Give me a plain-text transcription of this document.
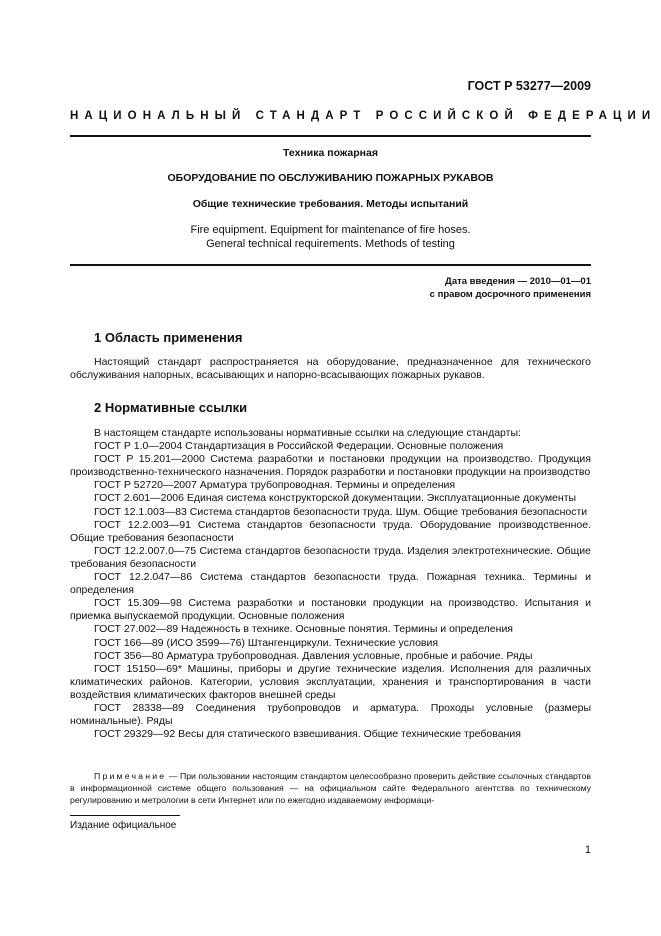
ГОСТ Р 53277—2009
НАЦИОНАЛЬНЫЙ СТАНДАРТ РОССИЙСКОЙ ФЕДЕРАЦИИ
Техника пожарная
ОБОРУДОВАНИЕ ПО ОБСЛУЖИВАНИЮ ПОЖАРНЫХ РУКАВОВ
Общие технические требования. Методы испытаний
Fire equipment. Equipment for maintenance of fire hoses.
General technical requirements. Methods of testing
Дата введения — 2010—01—01
с правом досрочного применения
1 Область применения

Настоящий стандарт распространяется на оборудование, предназначенное для технического обслуживания напорных, всасывающих и напорно-всасывающих пожарных рукавов.

2 Нормативные ссылки

В настоящем стандарте использованы нормативные ссылки на следующие стандарты:

ГОСТ Р 1.0—2004 Стандартизация в Российской Федерации. Основные положения

ГОСТ Р 15.201—2000 Система разработки и постановки продукции на производство. Продукция производственно-технического назначения. Порядок разработки и постановки продукции на производство

ГОСТ Р 52720—2007 Арматура трубопроводная. Термины и определения

ГОСТ 2.601—2006 Единая система конструкторской документации. Эксплуатационные документы

ГОСТ 12.1.003—83 Система стандартов безопасности труда. Шум. Общие требования безопасности

ГОСТ 12.2.003—91 Система стандартов безопасности труда. Оборудование производственное. Общие требования безопасности

ГОСТ 12.2.007.0—75 Система стандартов безопасности труда. Изделия электротехнические. Общие требования безопасности

ГОСТ 12.2.047—86 Система стандартов безопасности труда. Пожарная техника. Термины и определения

ГОСТ 15.309—98 Система разработки и постановки продукции на производство. Испытания и приемка выпускаемой продукции. Основные положения

ГОСТ 27.002—89 Надежность в технике. Основные понятия. Термины и определения

ГОСТ 166—89 (ИСО 3599—76) Штангенциркули. Технические условия

ГОСТ 356—80 Арматура трубопроводная. Давления условные, пробные и рабочие. Ряды

ГОСТ 15150—69* Машины, приборы и другие технические изделия. Исполнения для различных климатических районов. Категории, условия эксплуатации, хранения и транспортирования в части воздействия климатических факторов внешней среды

ГОСТ 28338—89 Соединения трубопроводов и арматура. Проходы условные (размеры номинальные). Ряды

ГОСТ 29329—92 Весы для статического взвешивания. Общие технические требования

Примечание — При пользовании настоящим стандартом целесообразно проверить действие ссылочных стандартов в информационной системе общего пользования — на официальном сайте Федерального агентства по техническому регулированию и метрологии в сети Интернет или по ежегодно издаваемому информаци-

Издание официальное
1
